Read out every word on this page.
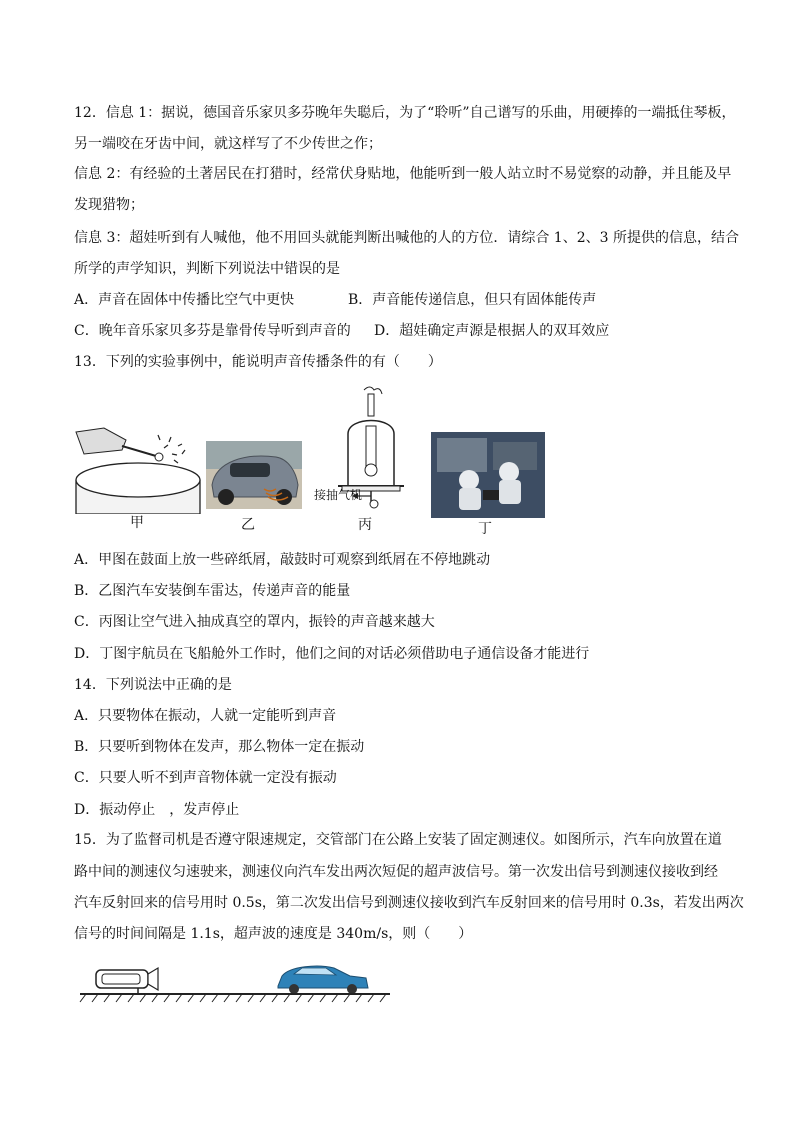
12．信息 1：据说，德国音乐家贝多芬晚年失聪后，为了“聆听”自己谱写的乐曲，用硬捧的一端抵住琴板，
另一端咬在牙齿中间，就这样写了不少传世之作；
信息 2：有经验的土著居民在打猎时，经常伏身贴地，他能听到一般人站立时不易觉察的动静，并且能及早
发现猎物；
信息 3：超娃听到有人喊他，他不用回头就能判断出喊他的人的方位．请综合 1、2、3 所提供的信息，结合
所学的声学知识，判断下列说法中错误的是
A．声音在固体中传播比空气中更快	B．声音能传递信息，但只有固体能传声
C．晚年音乐家贝多芬是靠骨传导听到声音的 D．超娃确定声源是根据人的双耳效应
13．下列的实验事例中，能说明声音传播条件的有（　　）
甲	乙
接抽气机
丙	丁
A．甲图在鼓面上放一些碎纸屑，敲鼓时可观察到纸屑在不停地跳动
B．乙图汽车安装倒车雷达，传递声音的能量
C．丙图让空气进入抽成真空的罩内，振铃的声音越来越大
D．丁图宇航员在飞船舱外工作时，他们之间的对话必须借助电子通信设备才能进行
14．下列说法中正确的是
A．只要物体在振动，人就一定能听到声音
B．只要听到物体在发声，那么物体一定在振动
C．只要人听不到声音物体就一定没有振动
D．振动停止　，发声停止
15．为了监督司机是否遵守限速规定，交管部门在公路上安装了固定测速仪。如图所示，汽车向放置在道
路中间的测速仪匀速驶来，测速仪向汽车发出两次短促的超声波信号。第一次发出信号到测速仪接收到经
汽车反射回来的信号用时 0.5s，第二次发出信号到测速仪接收到汽车反射回来的信号用时 0.3s，若发出两次
信号的时间间隔是 1.1s，超声波的速度是 340m/s，则（　　）
